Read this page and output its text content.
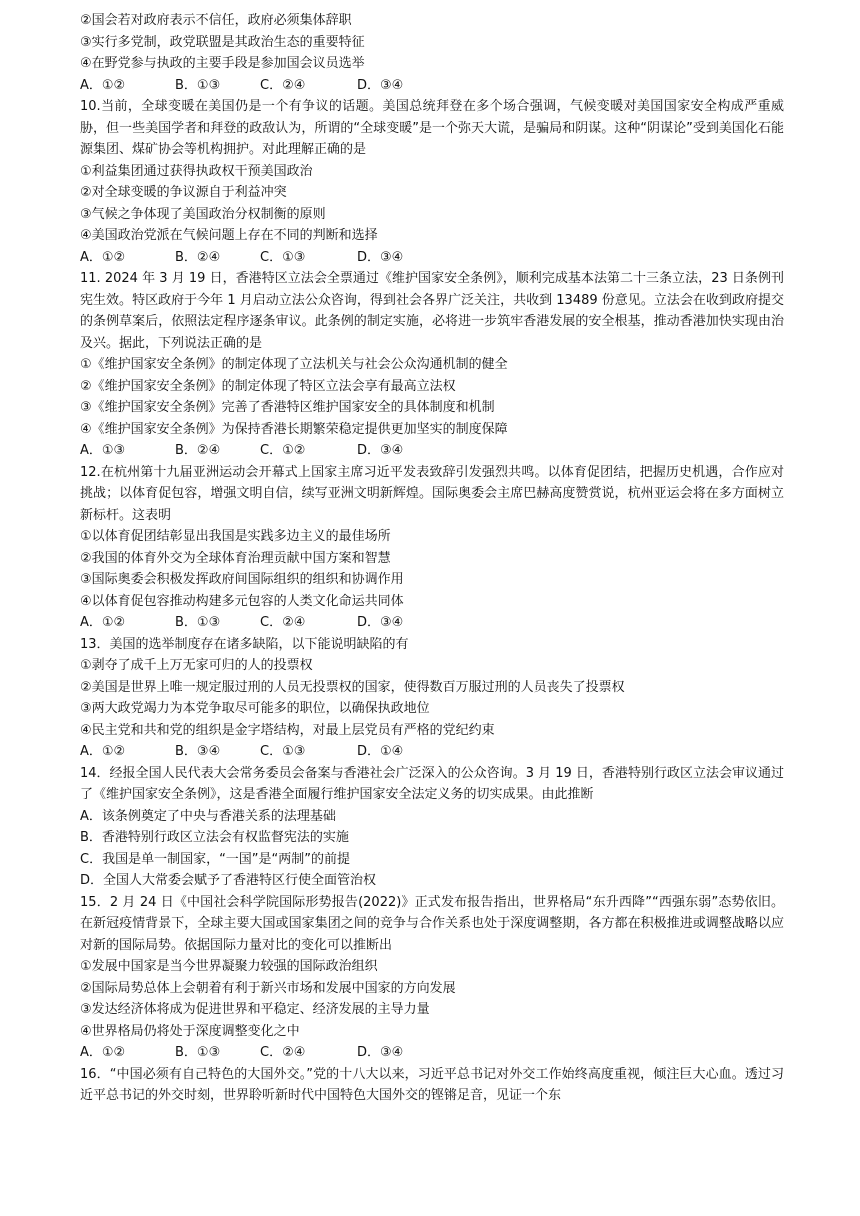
②国会若对政府表示不信任，政府必须集体辞职
③实行多党制，政党联盟是其政治生态的重要特征
④在野党参与执政的主要手段是参加国会议员选举
A．①②	B．①③	C．②④	D．③④
10.当前，全球变暖在美国仍是一个有争议的话题。美国总统拜登在多个场合强调，气候变暖对美国国家安全构成严重威胁，但一些美国学者和拜登的政敌认为，所谓的“全球变暖”是一个弥天大谎，是骗局和阴谋。这种“阴谋论”受到美国化石能源集团、煤矿协会等机构拥护。对此理解正确的是
①利益集团通过获得执政权干预美国政治
②对全球变暖的争议源自于利益冲突
③气候之争体现了美国政治分权制衡的原则
④美国政治党派在气候问题上存在不同的判断和选择
A．①②	B．②④	C．①③	D．③④
11. 2024 年 3 月 19 日，香港特区立法会全票通过《维护国家安全条例》，顺利完成基本法第二十三条立法，23 日条例刊宪生效。特区政府于今年 1 月启动立法公众咨询，得到社会各界广泛关注，共收到 13489 份意见。立法会在收到政府提交的条例草案后，依照法定程序逐条审议。此条例的制定实施，必将进一步筑牢香港发展的安全根基，推动香港加快实现由治及兴。据此，下列说法正确的是
①《维护国家安全条例》的制定体现了立法机关与社会公众沟通机制的健全
②《维护国家安全条例》的制定体现了特区立法会享有最高立法权
③《维护国家安全条例》完善了香港特区维护国家安全的具体制度和机制
④《维护国家安全条例》为保持香港长期繁荣稳定提供更加坚实的制度保障
A．①③	B．②④	C．①②	D．③④
12.在杭州第十九届亚洲运动会开幕式上国家主席习近平发表致辞引发强烈共鸣。以体育促团结，把握历史机遇，合作应对挑战；以体育促包容，增强文明自信，续写亚洲文明新辉煌。国际奥委会主席巴赫高度赞赏说，杭州亚运会将在多方面树立新标杆。这表明
①以体育促团结彰显出我国是实践多边主义的最佳场所
②我国的体育外交为全球体育治理贡献中国方案和智慧
③国际奥委会积极发挥政府间国际组织的组织和协调作用
④以体育促包容推动构建多元包容的人类文化命运共同体
A．①②	B．①③	C．②④	D．③④
13．美国的选举制度存在诸多缺陷，以下能说明缺陷的有
①剥夺了成千上万无家可归的人的投票权
②美国是世界上唯一规定服过刑的人员无投票权的国家，使得数百万服过刑的人员丧失了投票权
③两大政党竭力为本党争取尽可能多的职位，以确保执政地位
④民主党和共和党的组织是金字塔结构，对最上层党员有严格的党纪约束
A．①②	B．③④	C．①③	D．①④
14．经报全国人民代表大会常务委员会备案与香港社会广泛深入的公众咨询。3 月 19 日，香港特别行政区立法会审议通过了《维护国家安全条例》，这是香港全面履行维护国家安全法定义务的切实成果。由此推断
A．该条例奠定了中央与香港关系的法理基础
B．香港特别行政区立法会有权监督宪法的实施
C．我国是单一制国家，“一国”是“两制”的前提
D．全国人大常委会赋予了香港特区行使全面管治权
15．2 月 24 日《中国社会科学院国际形势报告(2022)》正式发布报告指出，世界格局“东升西降”“西强东弱”态势依旧。在新冠疫情背景下，全球主要大国或国家集团之间的竞争与合作关系也处于深度调整期，各方都在积极推进或调整战略以应对新的国际局势。依据国际力量对比的变化可以推断出
①发展中国家是当今世界凝聚力较强的国际政治组织
②国际局势总体上会朝着有利于新兴市场和发展中国家的方向发展
③发达经济体将成为促进世界和平稳定、经济发展的主导力量
④世界格局仍将处于深度调整变化之中
A．①②	B．①③	C．②④	D．③④
16．“中国必须有自己特色的大国外交。”党的十八大以来，习近平总书记对外交工作始终高度重视，倾注巨大心血。透过习近平总书记的外交时刻，世界聆听新时代中国特色大国外交的铿锵足音，见证一个东
